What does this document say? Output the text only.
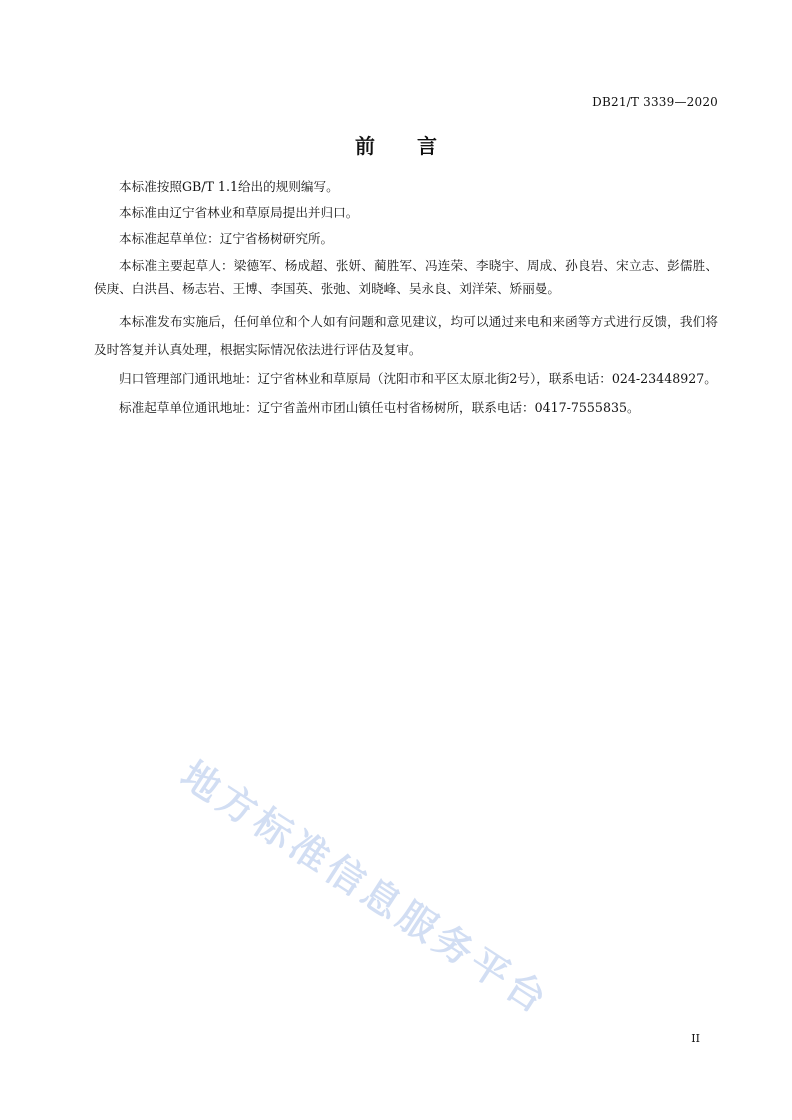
DB21/T 3339—2020
前言

本标准按照GB/T 1.1给出的规则编写。

本标准由辽宁省林业和草原局提出并归口。

本标准起草单位：辽宁省杨树研究所。

本标准主要起草人：梁德军、杨成超、张妍、蔺胜军、冯连荣、李晓宇、周成、孙良岩、宋立志、彭儒胜、侯庚、白洪昌、杨志岩、王博、李国英、张弛、刘晓峰、吴永良、刘洋荣、矫丽曼。

本标准发布实施后，任何单位和个人如有问题和意见建议，均可以通过来电和来函等方式进行反馈，我们将及时答复并认真处理，根据实际情况依法进行评估及复审。

归口管理部门通讯地址：辽宁省林业和草原局（沈阳市和平区太原北街2号），联系电话：024-23448927。

标准起草单位通讯地址：辽宁省盖州市团山镇任屯村省杨树所，联系电话：0417-7555835。

地方标准信息服务平台
II
